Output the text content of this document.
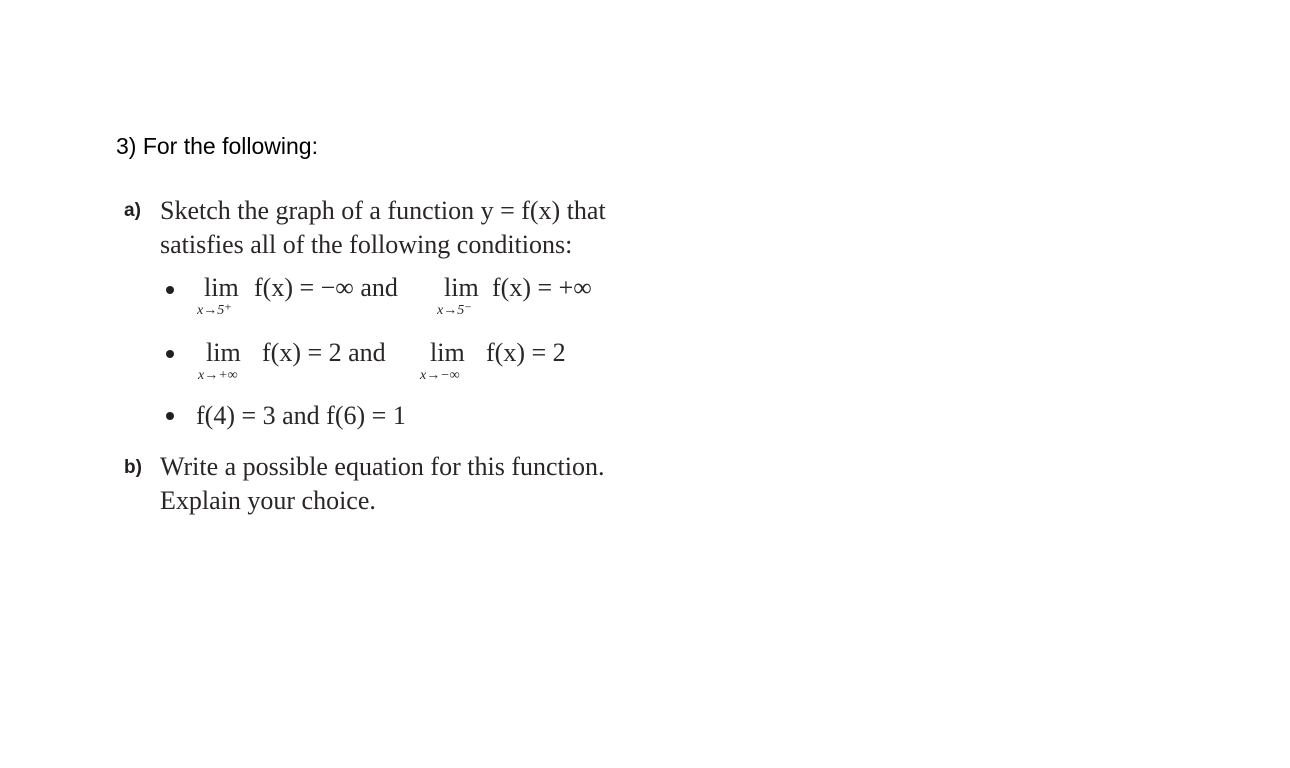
3) For the following:
a) Sketch the graph of a function y = f(x) that
satisfies all of the following conditions:
lim
x→5⁺
f(x) = −∞ and lim
x→5⁻
f(x) = +∞
lim
x→+∞
f(x) = 2 and lim
x→−∞
f(x) = 2
f(4) = 3 and f(6) = 1
b) Write a possible equation for this function.
Explain your choice.
